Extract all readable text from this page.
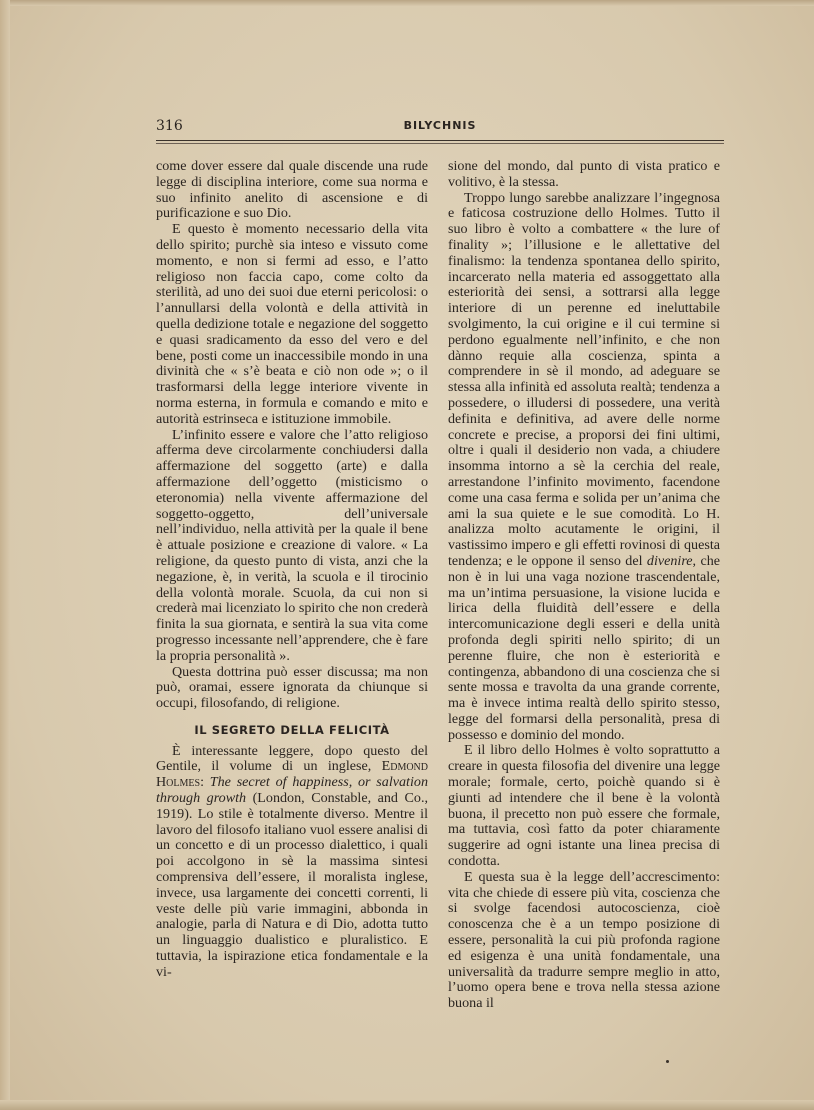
316	BILYCHNIS

come dover essere dal quale discende una rude legge di disciplina interiore, come sua norma e suo infinito anelito di ascensione e di purificazione e suo Dio.

E questo è momento necessario della vita dello spirito; purchè sia inteso e vissuto come momento, e non si fermi ad esso, e l’atto religioso non faccia capo, come colto da sterilità, ad uno dei suoi due eterni pericolosi: o l’annullarsi della volontà e della attività in quella dedizione totale e negazione del soggetto e quasi sradicamento da esso del vero e del bene, posti come un inaccessibile mondo in una divinità che « s’è beata e ciò non ode »; o il trasformarsi della legge interiore vivente in norma esterna, in formula e comando e mito e autorità estrinseca e istituzione immobile.

L’infinito essere e valore che l’atto religioso afferma deve circolarmente conchiudersi dalla affermazione del soggetto (arte) e dalla affermazione dell’oggetto (misticismo o eteronomia) nella vivente affermazione del soggetto-oggetto, dell’universale nell’individuo, nella attività per la quale il bene è attuale posizione e creazione di valore. « La religione, da questo punto di vista, anzi che la negazione, è, in verità, la scuola e il tirocinio della volontà morale. Scuola, da cui non si crederà mai licenziato lo spirito che non crederà finita la sua giornata, e sentirà la sua vita come progresso incessante nell’apprendere, che è fare la propria personalità ».

Questa dottrina può esser discussa; ma non può, oramai, essere ignorata da chiunque si occupi, filosofando, di religione.

IL SEGRETO DELLA FELICITÀ

È interessante leggere, dopo questo del Gentile, il volume di un inglese, Edmond Holmes: The secret of happiness, or salvation through growth (London, Constable, and Co., 1919). Lo stile è totalmente diverso. Mentre il lavoro del filosofo italiano vuol essere analisi di un concetto e di un processo dialettico, i quali poi accolgono in sè la massima sintesi comprensiva dell’essere, il moralista inglese, invece, usa largamente dei concetti correnti, li veste delle più varie immagini, abbonda in analogie, parla di Natura e di Dio, adotta tutto un linguaggio dualistico e pluralistico. E tuttavia, la ispirazione etica fondamentale e la vi-

sione del mondo, dal punto di vista pratico e volitivo, è la stessa.

Troppo lungo sarebbe analizzare l’ingegnosa e faticosa costruzione dello Holmes. Tutto il suo libro è volto a combattere « the lure of finality »; l’illusione e le allettative del finalismo: la tendenza spontanea dello spirito, incarcerato nella materia ed assoggettato alla esteriorità dei sensi, a sottrarsi alla legge interiore di un perenne ed ineluttabile svolgimento, la cui origine e il cui termine si perdono egualmente nell’infinito, e che non dànno requie alla coscienza, spinta a comprendere in sè il mondo, ad adeguare se stessa alla infinità ed assoluta realtà; tendenza a possedere, o illudersi di possedere, una verità definita e definitiva, ad avere delle norme concrete e precise, a proporsi dei fini ultimi, oltre i quali il desiderio non vada, a chiudere insomma intorno a sè la cerchia del reale, arrestandone l’infinito movimento, facendone come una casa ferma e solida per un’anima che ami la sua quiete e le sue comodità. Lo H. analizza molto acutamente le origini, il vastissimo impero e gli effetti rovinosi di questa tendenza; e le oppone il senso del divenire, che non è in lui una vaga nozione trascendentale, ma un’intima persuasione, la visione lucida e lirica della fluidità dell’essere e della intercomunicazione degli esseri e della unità profonda degli spiriti nello spirito; di un perenne fluire, che non è esteriorità e contingenza, abbandono di una coscienza che si sente mossa e travolta da una grande corrente, ma è invece intima realtà dello spirito stesso, legge del formarsi della personalità, presa di possesso e dominio del mondo.

E il libro dello Holmes è volto soprattutto a creare in questa filosofia del divenire una legge morale; formale, certo, poichè quando si è giunti ad intendere che il bene è la volontà buona, il precetto non può essere che formale, ma tuttavia, così fatto da poter chiaramente suggerire ad ogni istante una linea precisa di condotta.

E questa sua è la legge dell’accrescimento: vita che chiede di essere più vita, coscienza che si svolge facendosi autocoscienza, cioè conoscenza che è a un tempo posizione di essere, personalità la cui più profonda ragione ed esigenza è una unità fondamentale, una universalità da tradurre sempre meglio in atto, l’uomo opera bene e trova nella stessa azione buona il
